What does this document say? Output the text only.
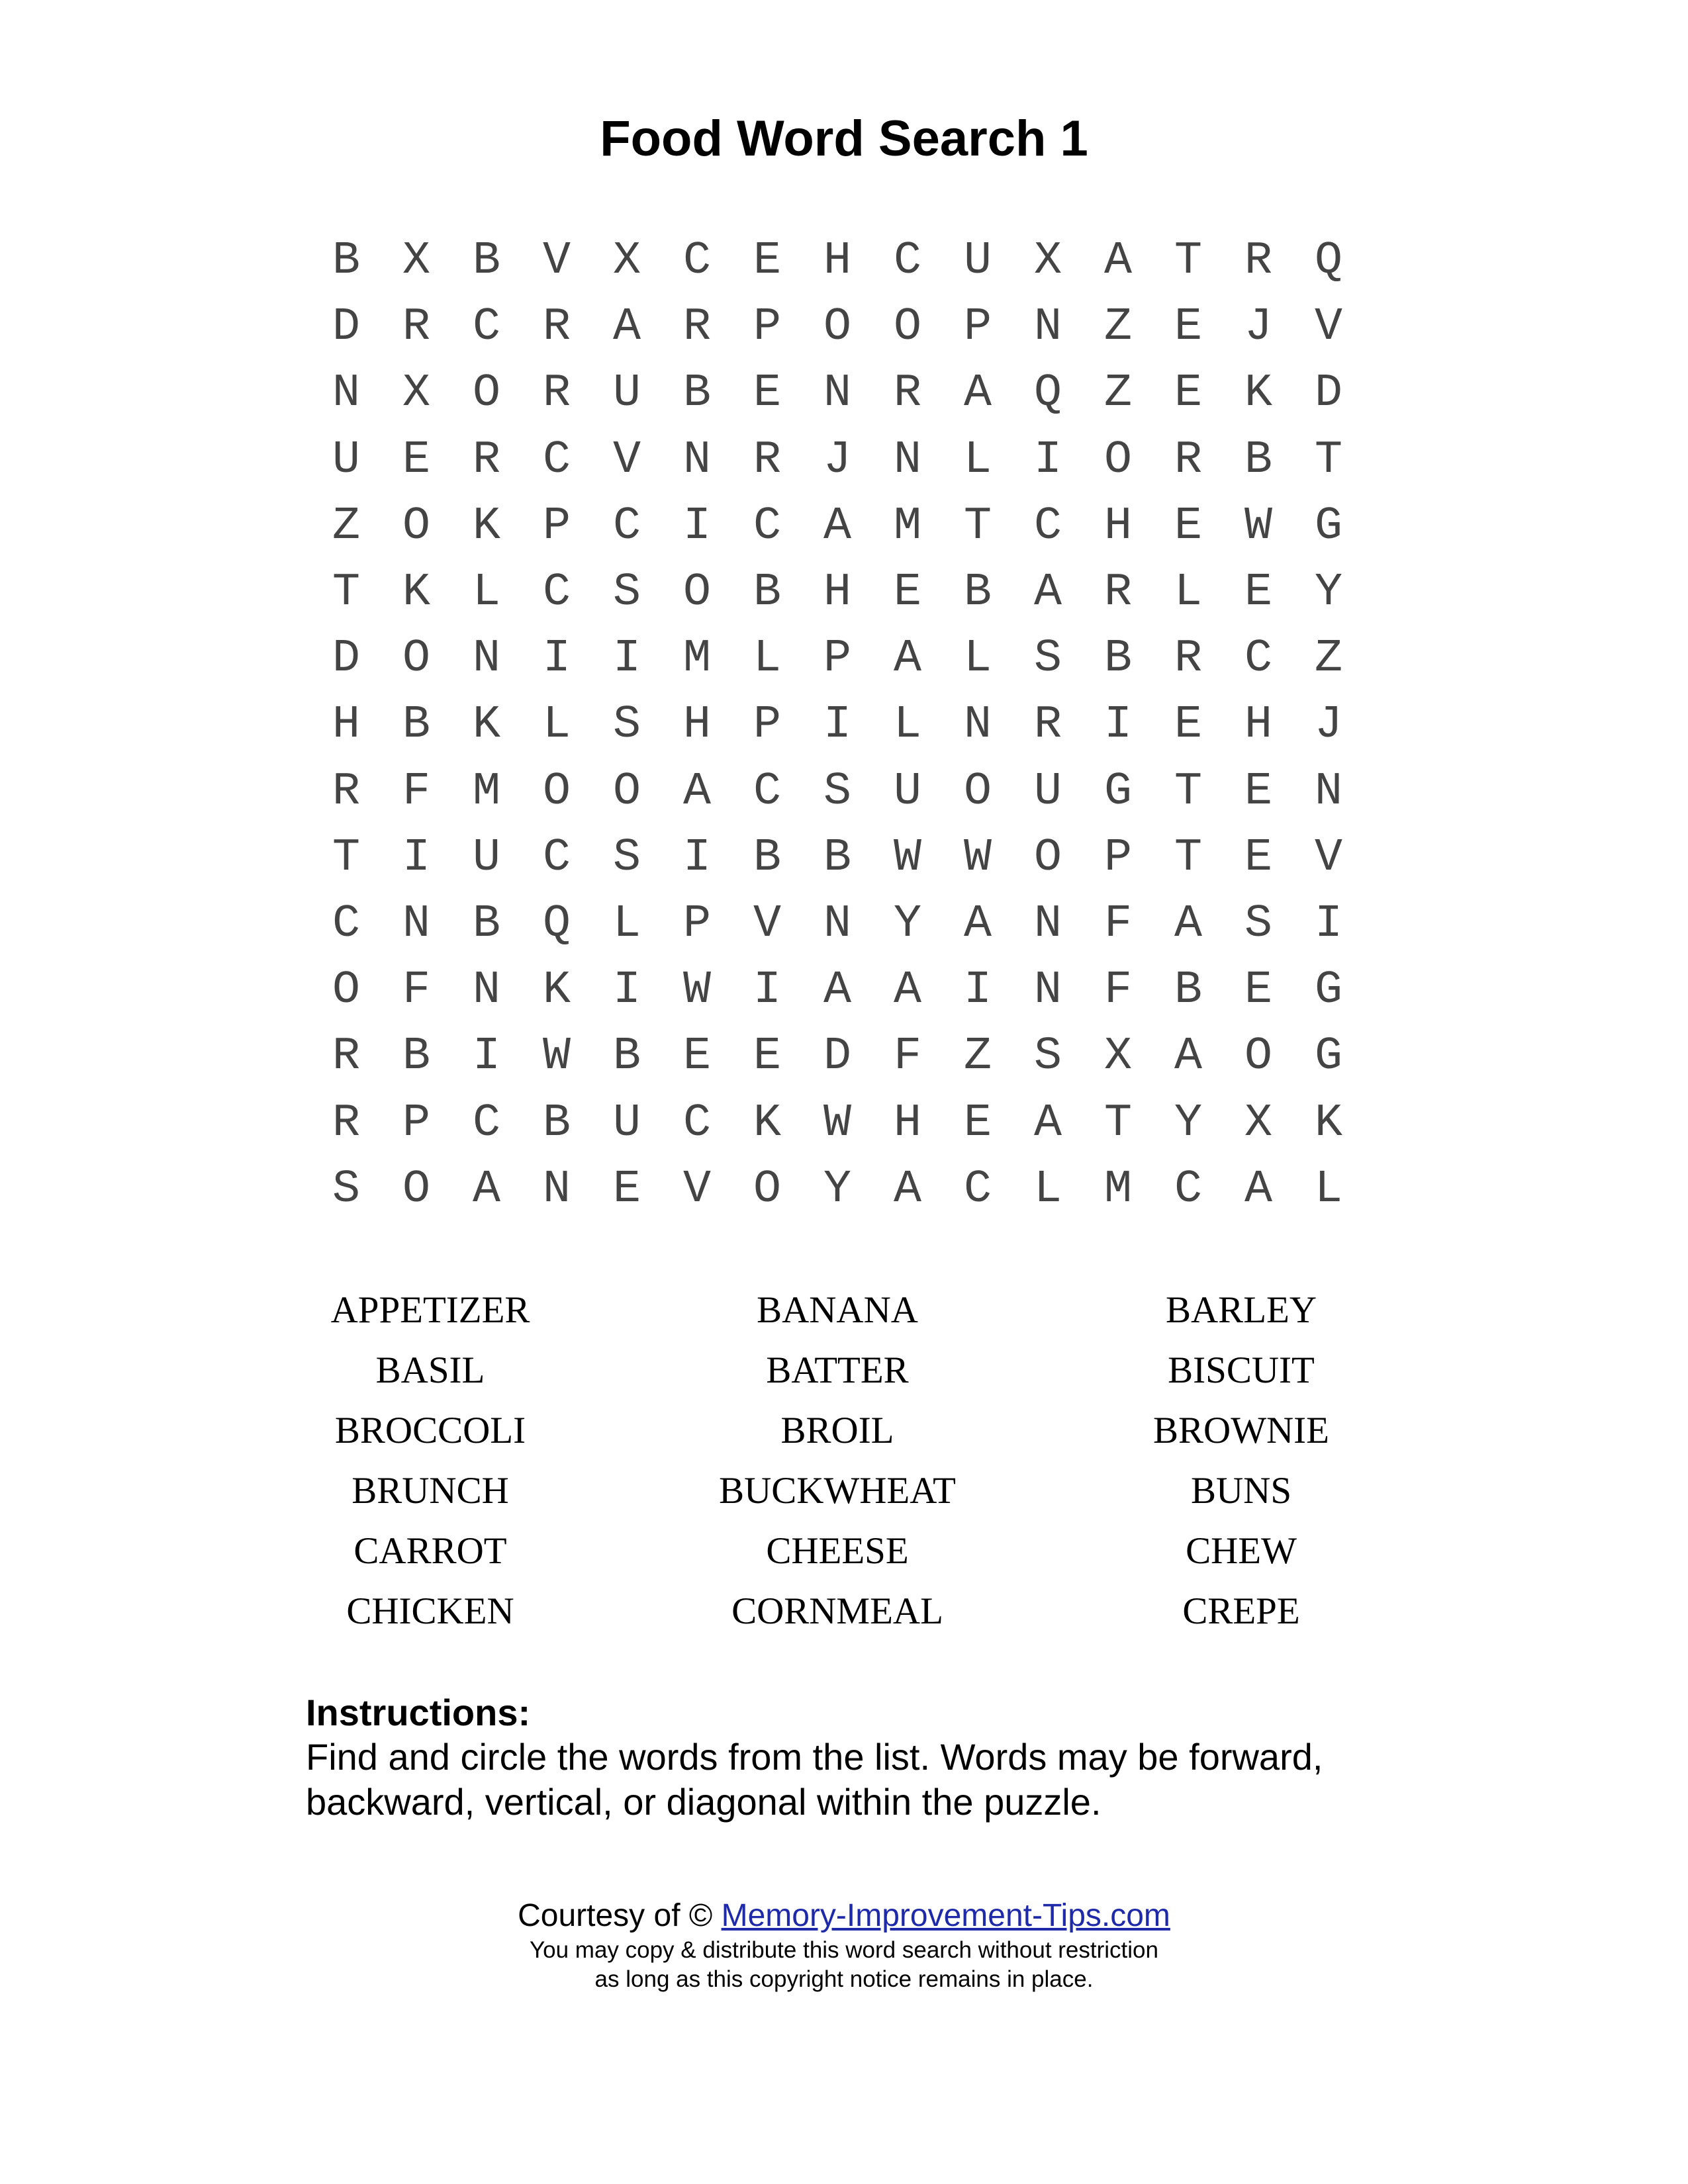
Food Word Search 1
B X B V X C E H C U X A T R Q
D R C R A R P O O P N Z E J V
N X O R U B E N R A Q Z E K D
U E R C V N R J N L I O R B T
Z O K P C I C A M T C H E W G
T K L C S O B H E B A R L E Y
D O N I I M L P A L S B R C Z
H B K L S H P I L N R I E H J
R F M O O A C S U O U G T E N
T I U C S I B B W W O P T E V
C N B Q L P V N Y A N F A S I
O F N K I W I A A I N F B E G
R B I W B E E D F Z S X A O G
R P C B U C K W H E A T Y X K
S O A N E V O Y A C L M C A L
APPETIZER	BANANA	BARLEY
BASIL	BATTER	BISCUIT
BROCCOLI	BROIL	BROWNIE
BRUNCH	BUCKWHEAT	BUNS
CARROT	CHEESE	CHEW
CHICKEN	CORNMEAL	CREPE
Instructions:
Find and circle the words from the list. Words may be forward, backward, vertical, or diagonal within the puzzle.
Courtesy of © Memory-Improvement-Tips.com
You may copy & distribute this word search without restriction
as long as this copyright notice remains in place.
